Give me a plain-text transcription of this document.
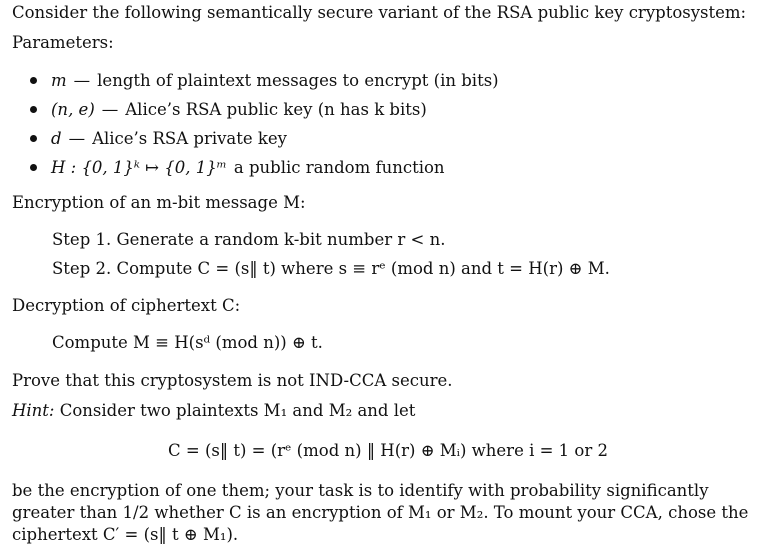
Consider the following semantically secure variant of the RSA public key cryptosystem:
Parameters:
m — length of plaintext messages to encrypt (in bits)
(n, e) — Alice’s RSA public key (n has k bits)
d — Alice’s RSA private key
H : {0, 1}ᵏ ↦ {0, 1}ᵐ a public random function
Encryption of an m-bit message M:
Step 1. Generate a random k-bit number r < n.
Step 2. Compute C = (s‖ t) where s ≡ rᵉ (mod n) and t = H(r) ⊕ M.
Decryption of ciphertext C:
Compute M ≡ H(sᵈ (mod n)) ⊕ t.
Prove that this cryptosystem is not IND-CCA secure.
Hint: Consider two plaintexts M₁ and M₂ and let
C = (s‖ t) = (rᵉ (mod n) ‖ H(r) ⊕ Mᵢ) where i = 1 or 2
be the encryption of one them; your task is to identify with probability significantly greater than 1/2 whether C is an encryption of M₁ or M₂. To mount your CCA, chose the ciphertext C′ = (s‖ t ⊕ M₁).
